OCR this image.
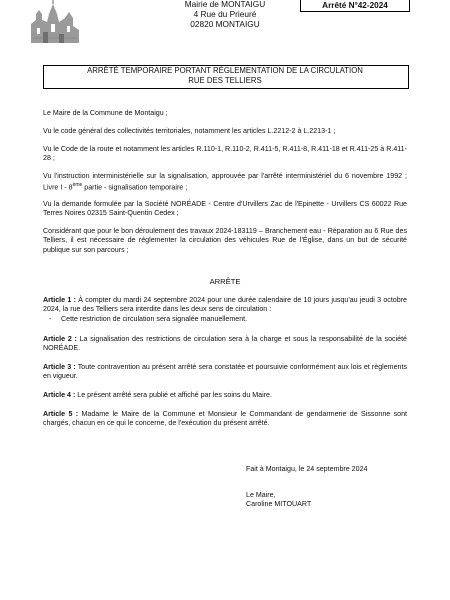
Mairie de MONTAIGU
4 Rue du Prieuré
02820 MONTAIGU
Arrêté N°42-2024
ARRÊTÉ TEMPORAIRE PORTANT RÉGLEMENTATION DE LA CIRCULATION
RUE DES TELLIERS
Le Maire de la Commune de Montaigu ;
Vu le code général des collectivités territoriales, notamment les articles L.2212-2 à L.2213-1 ;
Vu le Code de la route et notamment les articles R.110-1, R.110-2, R.411-5, R.411-8, R.411-18 et R.411-25 à R.411-28 ;
Vu l'instruction interministérielle sur la signalisation, approuvée par l'arrêté interministériel du 6 novembre 1992 ; Livre I - 8ème partie - signalisation temporaire ;
Vu la demande formulée par la Société NORÉADE - Centre d'Urvillers Zac de l'Epinette - Urvillers CS 60022 Rue Terres Noires 02315 Saint-Quentin Cedex ;
Considérant que pour le bon déroulement des travaux 2024-183119 – Branchement eau - Réparation au 6 Rue des Telliers, il est nécessaire de réglementer la circulation des véhicules Rue de l'Église, dans un but de sécurité publique sur son parcours ;
ARRÊTE
Article 1 : À compter du mardi 24 septembre 2024 pour une durée calendaire de 10 jours jusqu'au jeudi 3 octobre 2024, la rue des Telliers sera interdite dans les deux sens de circulation :
- Cette restriction de circulation sera signalée manuellement.
Article 2 : La signalisation des restrictions de circulation sera à la charge et sous la responsabilité de la société NORÉADE.
Article 3 : Toute contravention au présent arrêté sera constatée et poursuivie conformément aux lois et règlements en vigueur.
Article 4 : Le présent arrêté sera publié et affiché par les soins du Maire.
Article 5 : Madame le Maire de la Commune et Monsieur le Commandant de gendarmerie de Sissonne sont chargés, chacun en ce qui le concerne, de l'exécution du présent arrêté.
Fait à Montaigu, le 24 septembre 2024
Le Maire,
Caroline MITOUART
